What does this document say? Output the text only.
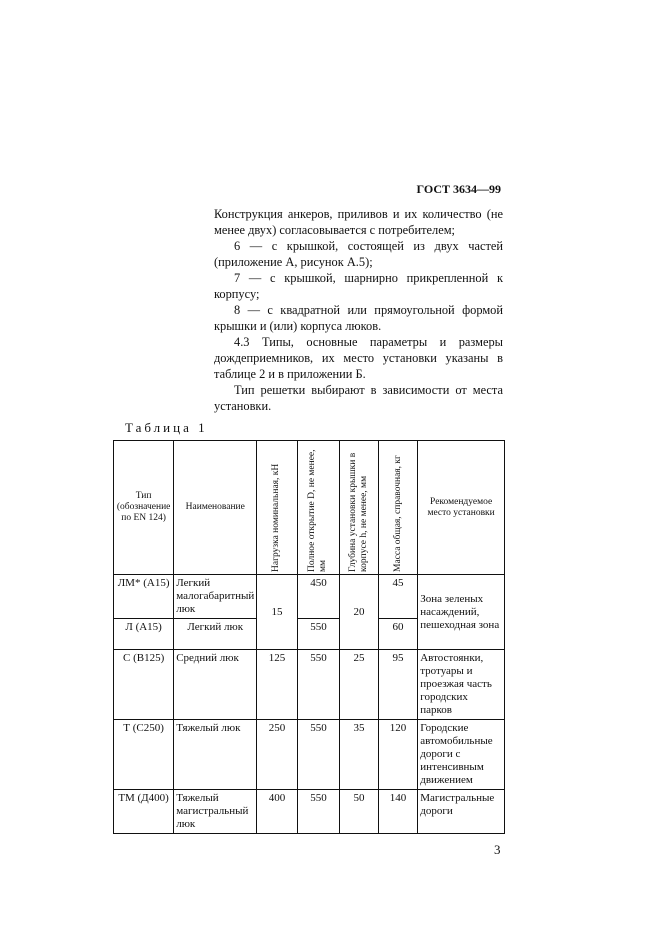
ГОСТ 3634—99

Конструкция анкеров, приливов и их количество (не менее двух) согласовывается с потребителем;

6 — с крышкой, состоящей из двух частей (приложение А, рисунок А.5);

7 — с крышкой, шарнирно прикрепленной к корпусу;

8 — с квадратной или прямоугольной формой крышки и (или) корпуса люков.

4.3 Типы, основные параметры и размеры дождеприемников, их место установки указаны в таблице 2 и в приложении Б.

Тип решетки выбирают в зависимости от места установки.

Таблица 1
Тип (обозначение по EN 124)	Наименование	Нагрузка номинальная, кН	Полное открытие D, не менее, мм	Глубина установки крышки в корпусе h, не менее, мм	Масса общая, справочная, кг	Рекомендуемое место установки
ЛМ* (А15)	Легкий малогабаритный люк	15	450	20	45	Зона зеленых насаждений, пешеходная зона
Л (А15)	Легкий люк		550		60	
С (В125)	Средний люк	125	550	25	95	Автостоянки, тротуары и проезжая часть городских парков
Т (С250)	Тяжелый люк	250	550	35	120	Городские автомобильные дороги с интенсивным движением
ТМ (Д400)	Тяжелый магистральный люк	400	550	50	140	Магистральные дороги
3
